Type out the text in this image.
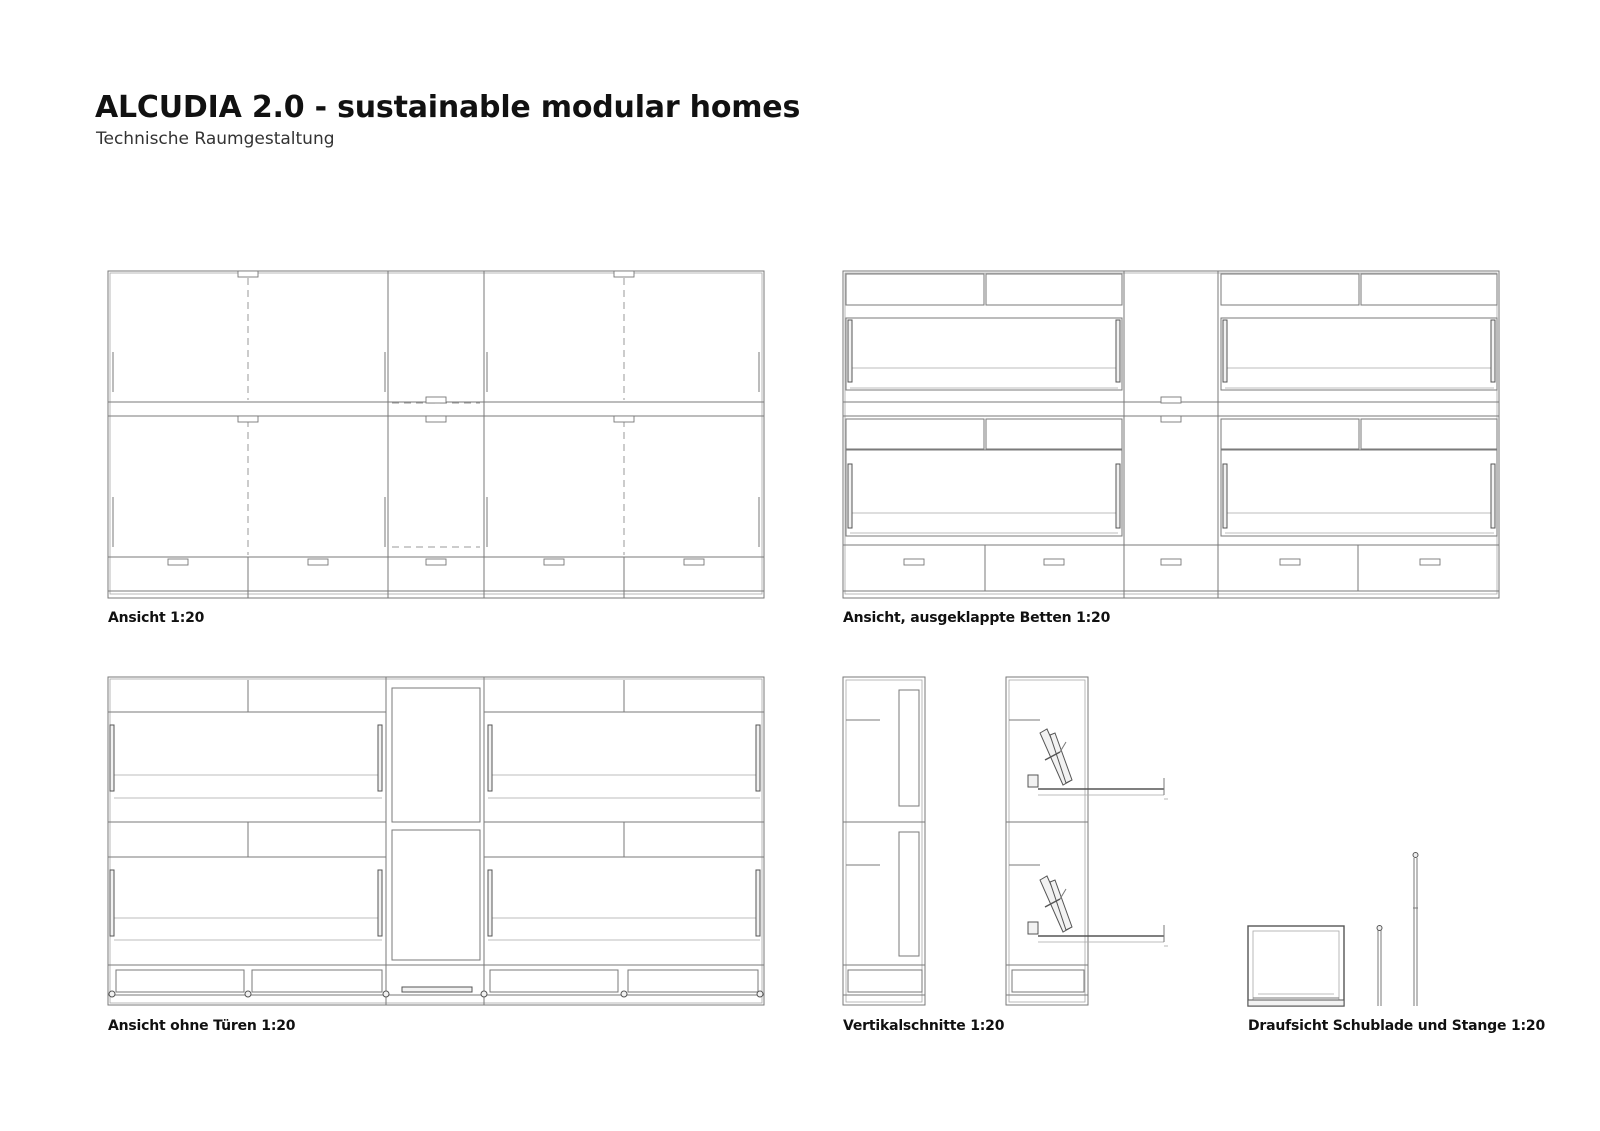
ALCUDIA 2.0 - sustainable modular homes
Technische Raumgestaltung
Ansicht 1:20	Ansicht, ausgeklappte Betten 1:20
Ansicht ohne Türen 1:20	Vertikalschnitte 1:20	Draufsicht Schublade und Stange 1:20
